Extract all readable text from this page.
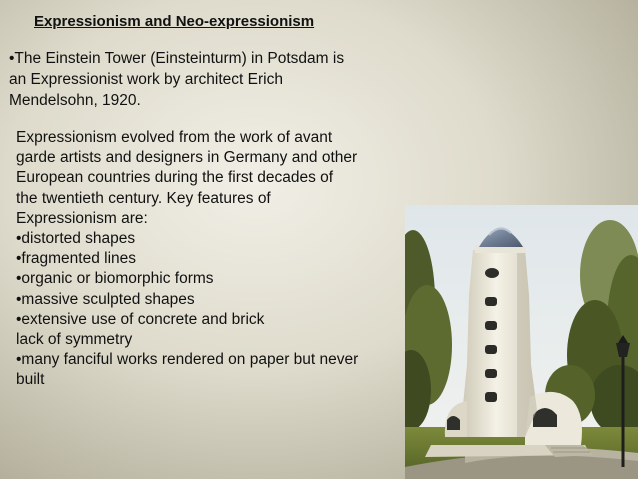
Expressionism and Neo-expressionism
•The Einstein Tower (Einsteinturm) in Potsdam is
an Expressionist work by architect Erich
Mendelsohn, 1920.
Expressionism evolved from the work of avant
garde artists and designers in Germany and other
European countries during the first decades of
the twentieth century. Key features of
Expressionism are:
•distorted shapes
•fragmented lines
•organic or biomorphic forms
•massive sculpted shapes
•extensive use of concrete and brick
lack of symmetry
•many fanciful works rendered on paper but never
built
